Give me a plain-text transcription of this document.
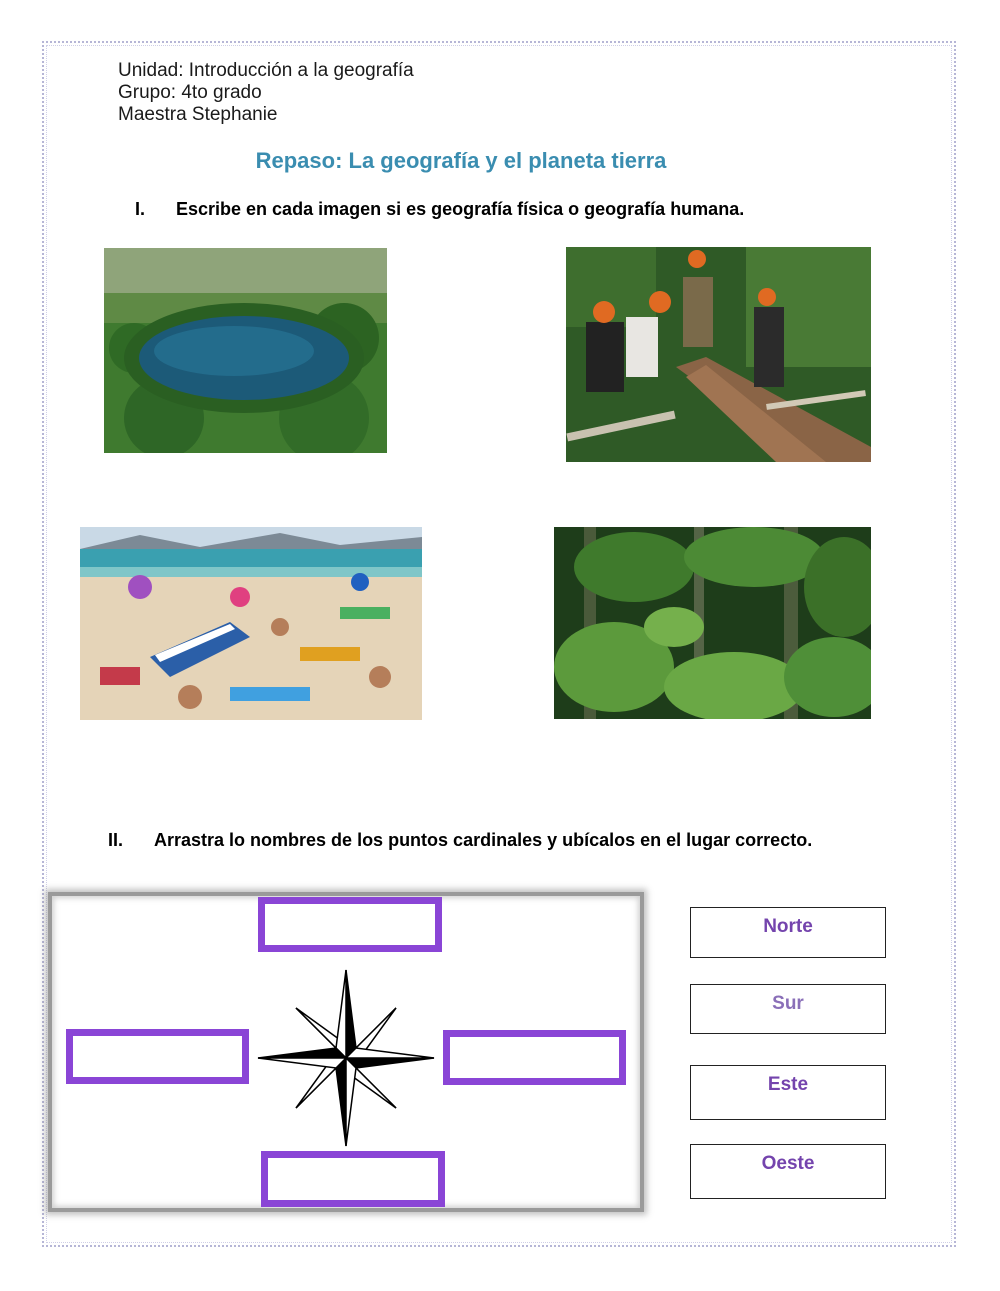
Unidad: Introducción a la geografía
Grupo: 4to grado
Maestra Stephanie
Repaso: La geografía y el planeta tierra
I. Escribe en cada imagen si es geografía física o geografía humana.
II. Arrastra lo nombres de los puntos cardinales y ubícalos en el lugar correcto.
Norte
Sur
Este
Oeste
